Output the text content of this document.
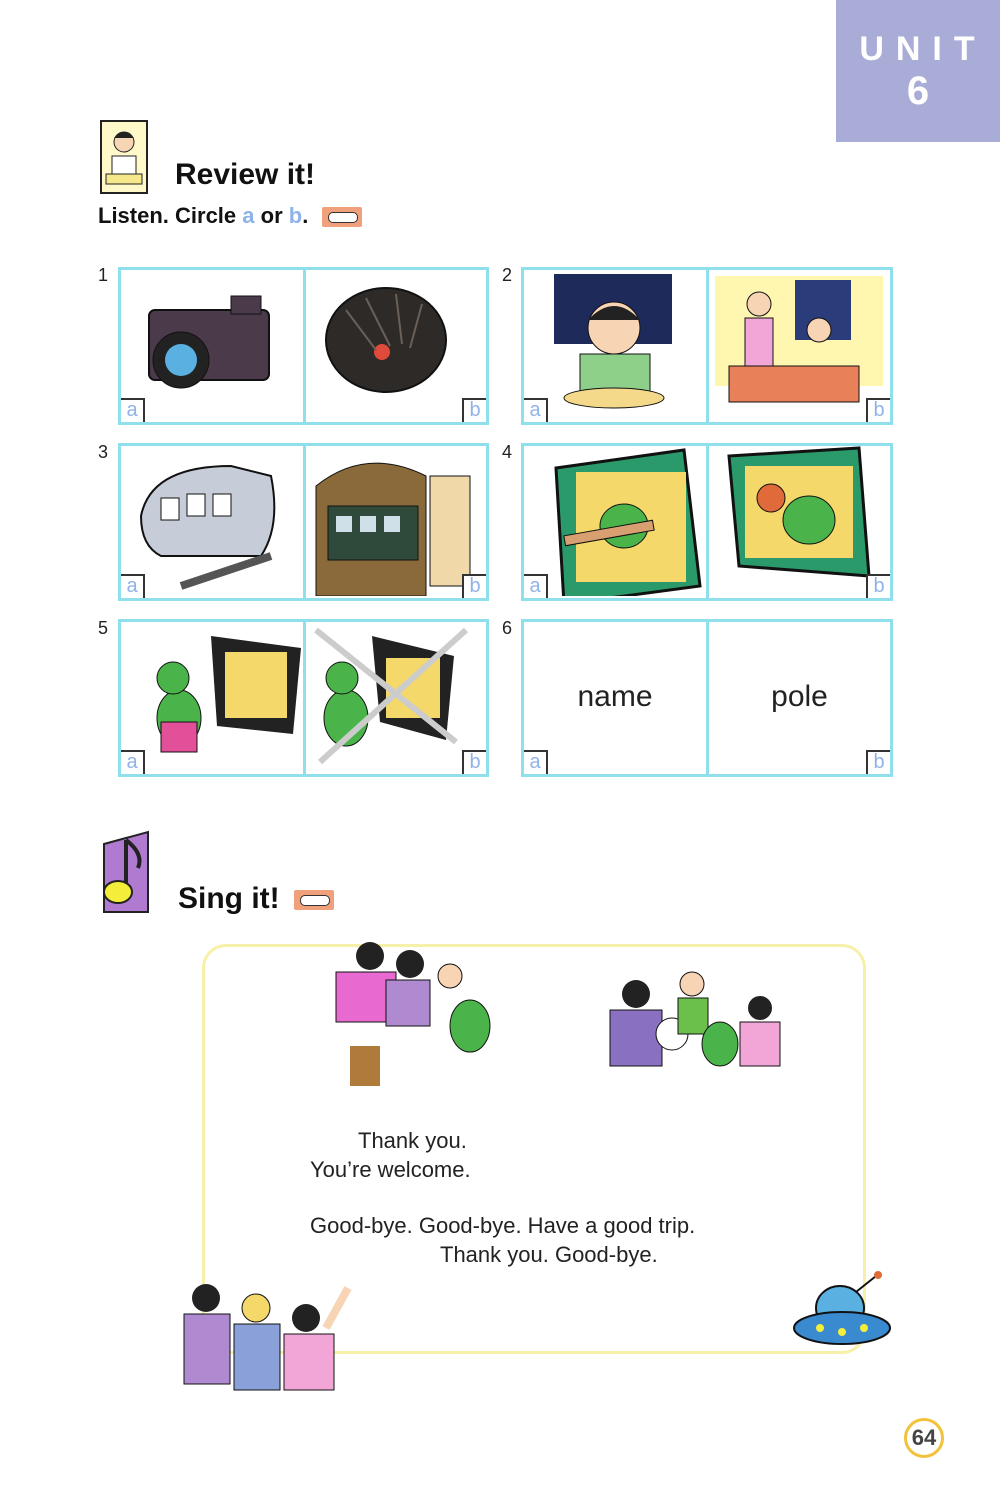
UNIT
6
Review it!
Listen. Circle a or b.
1	2
3	4
5	6
a	b a	b
a	b a	b
a	b
name
a
pole
b
Sing it!
Thank you.
You’re welcome.
Good-bye. Good-bye. Have a good trip.
Thank you. Good-bye.
64
